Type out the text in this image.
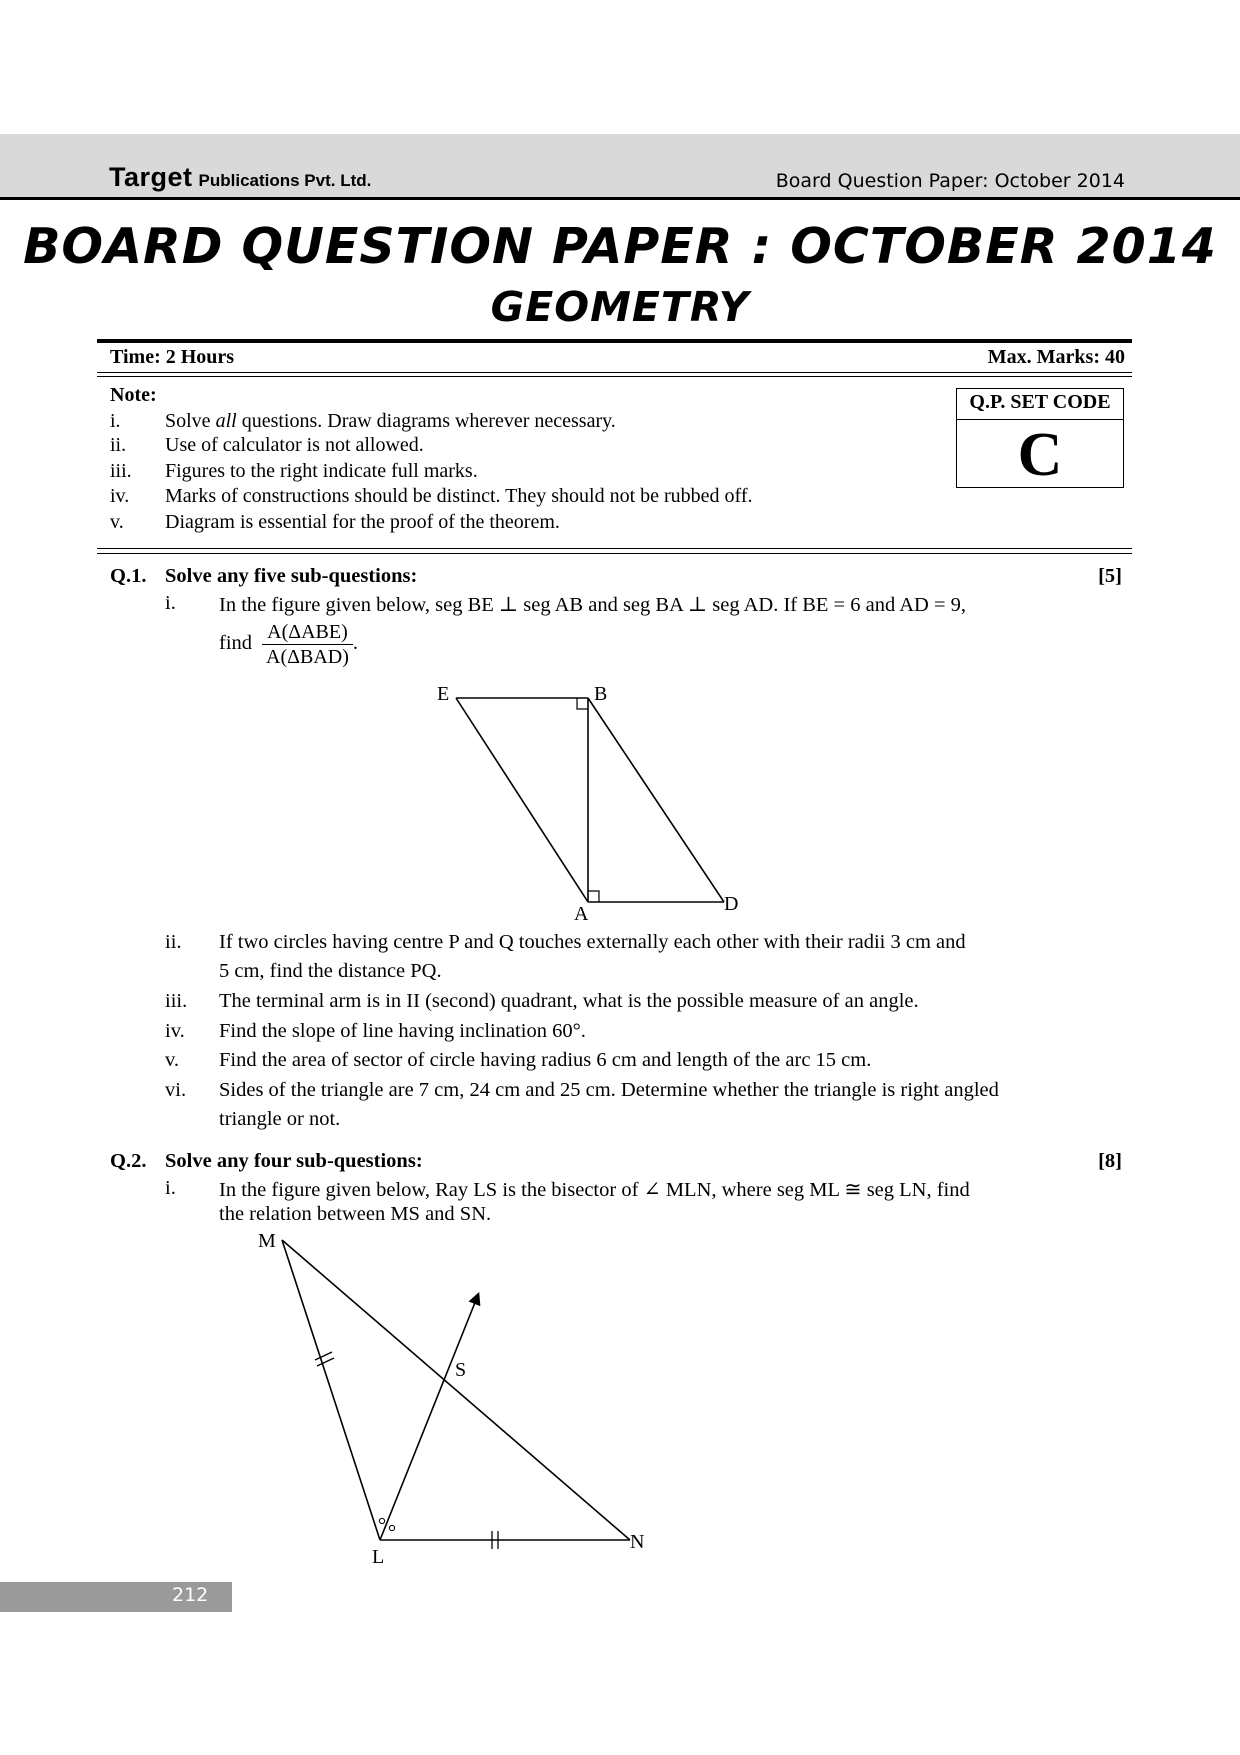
Target Publications Pvt. Ltd.	Board Question Paper: October 2014
BOARD QUESTION PAPER : OCTOBER 2014
GEOMETRY
Time: 2 Hours	Max. Marks: 40
Note:
i. Solve all questions. Draw diagrams wherever necessary.
ii. Use of calculator is not allowed.
iii. Figures to the right indicate full marks.
iv. Marks of constructions should be distinct. They should not be rubbed off.
v. Diagram is essential for the proof of the theorem.
Q.P. SET CODE
C
Q.1. Solve any five sub-questions:	[5]
i. In the figure given below, seg BE ⊥ seg AB and seg BA ⊥ seg AD. If BE = 6 and AD = 9,
find $\frac{\text{A(ΔABE)}}{\text{A(ΔBAD)}}$ .
E	B
A	D
ii. If two circles having centre P and Q touches externally each other with their radii 3 cm and
5 cm, find the distance PQ.
iii. The terminal arm is in II (second) quadrant, what is the possible measure of an angle.
iv. Find the slope of line having inclination 60°.
v. Find the area of sector of circle having radius 6 cm and length of the arc 15 cm.
vi. Sides of the triangle are 7 cm, 24 cm and 25 cm. Determine whether the triangle is right angled
triangle or not.
Q.2. Solve any four sub-questions:	[8]
i. In the figure given below, Ray LS is the bisector of ∠ MLN, where seg ML ≅ seg LN, find
the relation between MS and SN.
M
S
L
N
212
